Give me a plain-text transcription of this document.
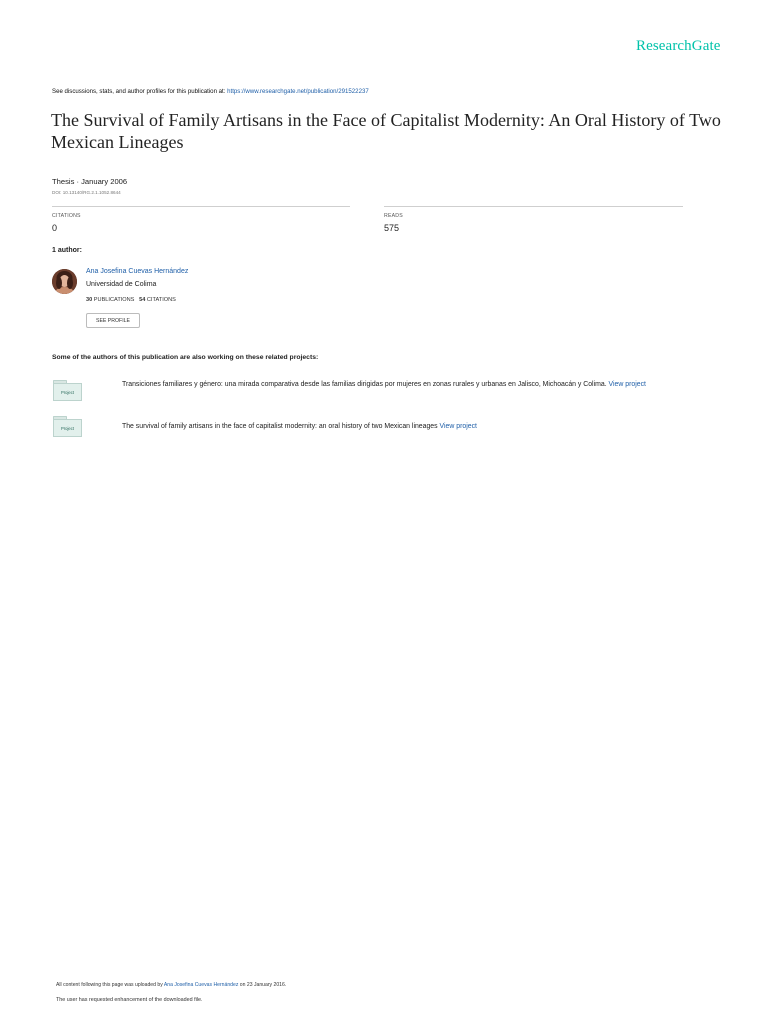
ResearchGate
See discussions, stats, and author profiles for this publication at: https://www.researchgate.net/publication/291522237
The Survival of Family Artisans in the Face of Capitalist Modernity: An Oral History of Two Mexican Lineages
Thesis · January 2006
DOI: 10.13140/RG.2.1.1052.8644
CITATIONS
0
READS
575
1 author:
Ana Josefina Cuevas Hernández
Universidad de Colima
30 PUBLICATIONS 54 CITATIONS
SEE PROFILE
Some of the authors of this publication are also working on these related projects:
Project
Transiciones familiares y género: una mirada comparativa desde las familias dirigidas por mujeres en zonas rurales y urbanas en Jalisco, Michoacán y Colima. View project
Project	The survival of family artisans in the face of capitalist modernity: an oral history of two Mexican lineages View project
All content following this page was uploaded by Ana Josefina Cuevas Hernández on 23 January 2016.
The user has requested enhancement of the downloaded file.
